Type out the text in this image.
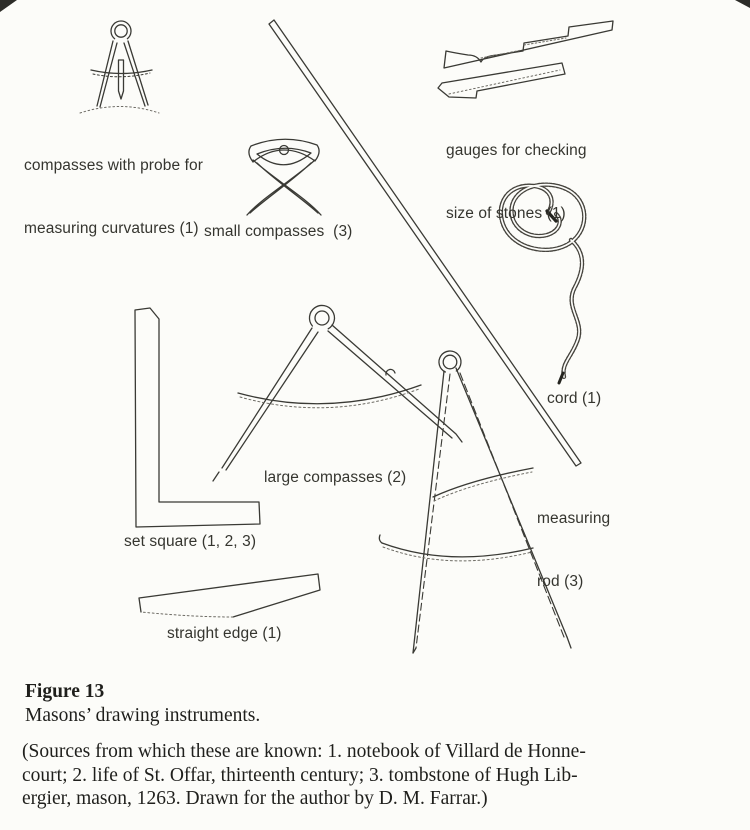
compasses with probe for

measuring curvatures (1)

gauges for checking

size of stones (1)

small compasses  (3)
cord (1)
large compasses (2)

measuring

rod (3)

set square (1, 2, 3)
straight edge (1)
Figure 13
Masons’ drawing instruments.
(Sources from which these are known: 1. notebook of Villard de Honne-
court; 2. life of St. Offar, thirteenth century; 3. tombstone of Hugh Lib-
ergier, mason, 1263. Drawn for the author by D. M. Farrar.)
